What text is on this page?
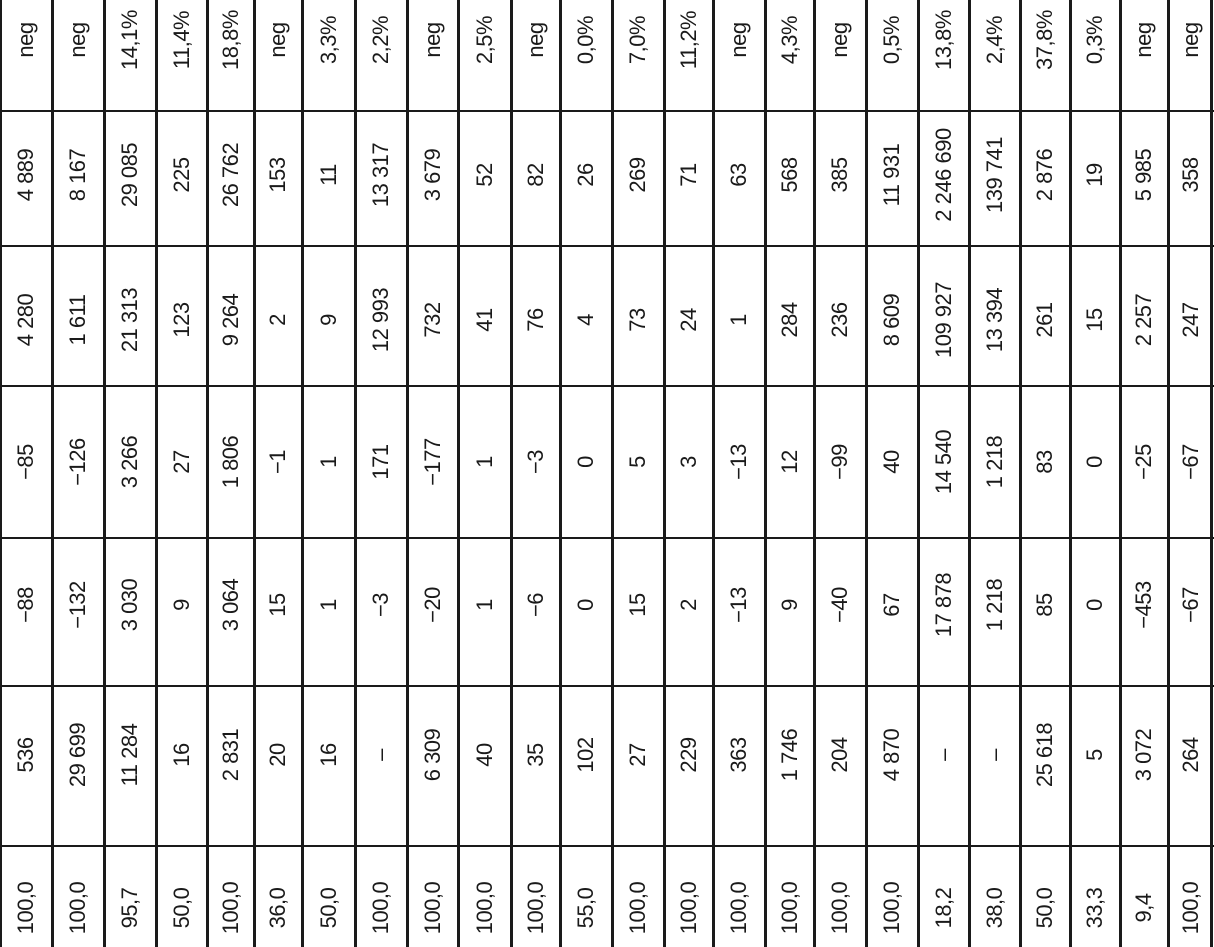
100,0
536
−88
−85
4 280
4 889
neg
100,0
29 699
−132
−126
1 611
8 167
neg
95,7
11 284
3 030
3 266
21 313
29 085
14,1%
50,0
16
9
27
123
225
11,4%
100,0
2 831
3 064
1 806
9 264
26 762
18,8%
36,0
20
15
−1
2
153
neg
50,0
16
1
1
9
11
3,3%
100,0
–
−3
171
12 993
13 317
2,2%
100,0
6 309
−20
−177
732
3 679
neg
100,0
40
1
1
41
52
2,5%
100,0
35
−6
−3
76
82
neg
55,0
102
0
0
4
26
0,0%
100,0
27
15
5
73
269
7,0%
100,0
229
2
3
24
71
11,2%
100,0
363
−13
−13
1
63
neg
100,0
1 746
9
12
284
568
4,3%
100,0
204
−40
−99
236
385
neg
100,0
4 870
67
40
8 609
11 931
0,5%
18,2
–
17 878
14 540
109 927
2 246 690
13,8%
38,0
–
1 218
1 218
13 394
139 741
2,4%
50,0
25 618
85
83
261
2 876
37,8%
33,3
5
0
0
15
19
0,3%
9,4
3 072
−453
−25
2 257
5 985
neg
100,0
264
−67
−67
247
358
neg
